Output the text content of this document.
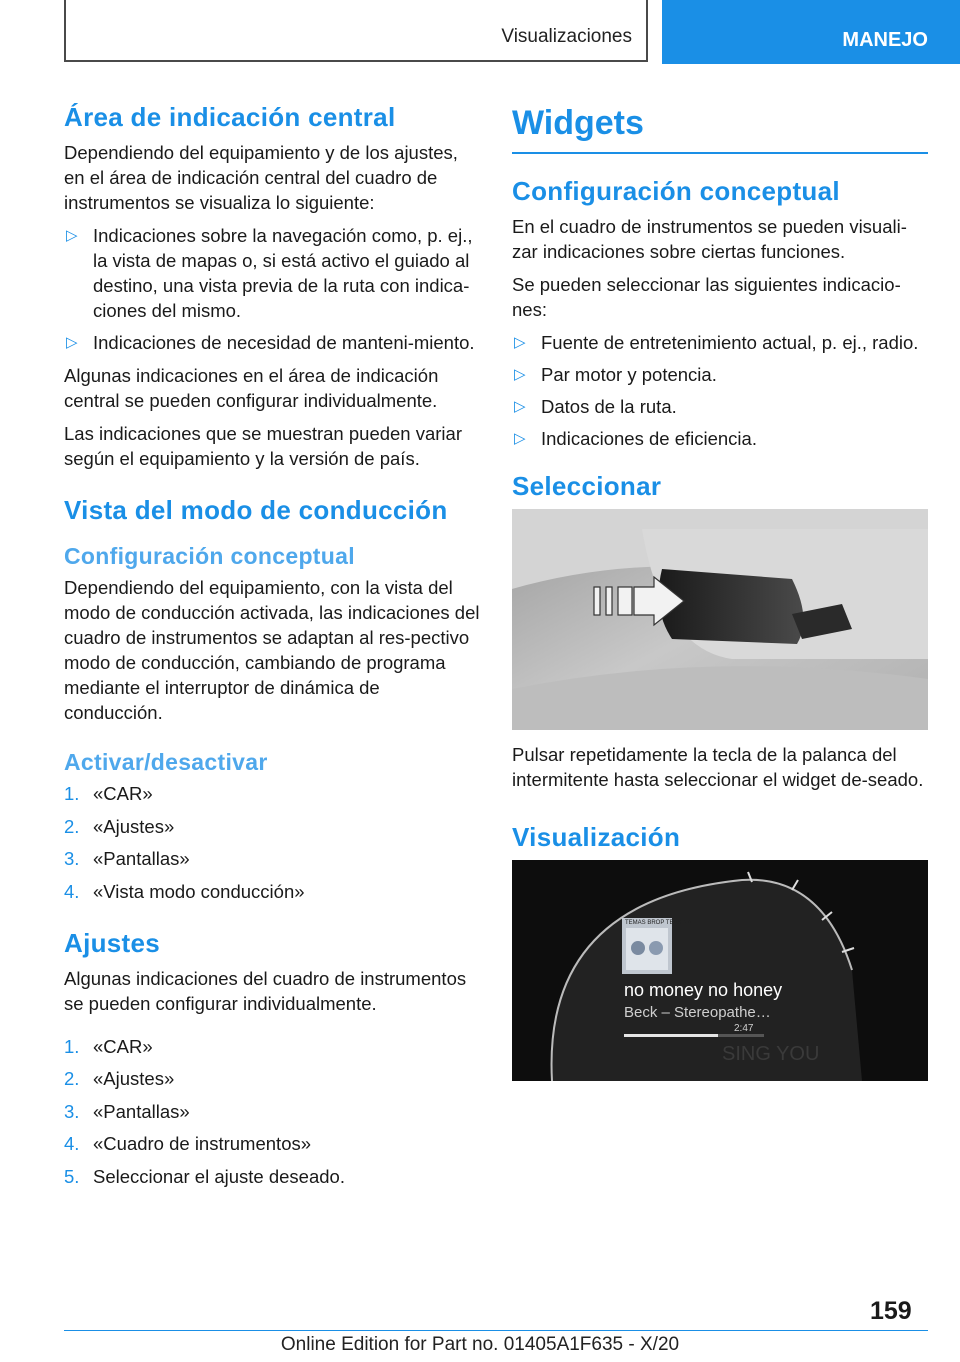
Visualizaciones	MANEJO
Área de indicación central

Dependiendo del equipamiento y de los ajustes, en el área de indicación central del cuadro de instrumentos se visualiza lo siguiente:

▷ Indicaciones sobre la navegación como, p. ej., la vista de mapas o, si está activo el guiado al destino, una vista previa de la ruta con indica-ciones del mismo.
▷ Indicaciones de necesidad de manteni-miento.

Algunas indicaciones en el área de indicación central se pueden configurar individualmente.

Las indicaciones que se muestran pueden variar según el equipamiento y la versión de país.

Vista del modo de conducción
Configuración conceptual

Dependiendo del equipamiento, con la vista del modo de conducción activada, las indicaciones del cuadro de instrumentos se adaptan al res-pectivo modo de conducción, cambiando de programa mediante el interruptor de dinámica de conducción.

Activar/desactivar
1. «CAR»
2. «Ajustes»
3. «Pantallas»
4. «Vista modo conducción»
Ajustes

Algunas indicaciones del cuadro de instrumentos se pueden configurar individualmente.

1. «CAR»
2. «Ajustes»
3. «Pantallas»
4. «Cuadro de instrumentos»
5. Seleccionar el ajuste deseado.
Widgets
Configuración conceptual

En el cuadro de instrumentos se pueden visuali-zar indicaciones sobre ciertas funciones.

Se pueden seleccionar las siguientes indicacio-nes:

▷ Fuente de entretenimiento actual, p. ej., radio.
▷ Par motor y potencia.
▷ Datos de la ruta.
▷ Indicaciones de eficiencia.
Seleccionar

Pulsar repetidamente la tecla de la palanca del intermitente hasta seleccionar el widget de-seado.

Visualización
TEMAS BROP TEAS NA
no money no honey
Beck – Stereopathe…
2:47
SING YOU
159
Online Edition for Part no. 01405A1F635 - X/20
